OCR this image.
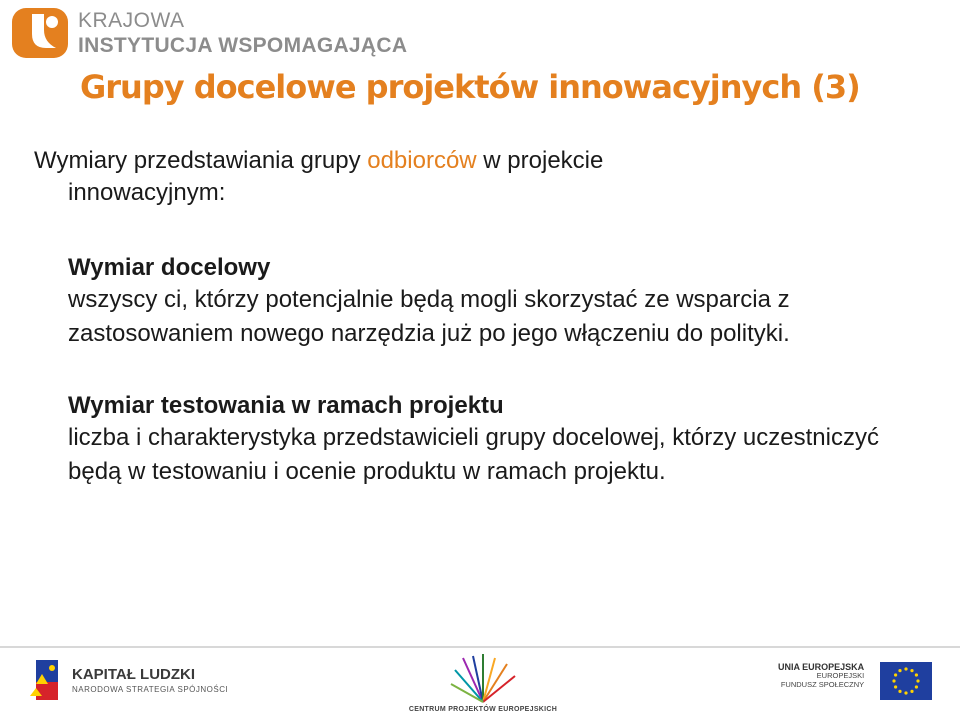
KRAJOWA
INSTYTUCJA WSPOMAGAJĄCA
Grupy docelowe projektów innowacyjnych (3)

Wymiary przedstawiania grupy odbiorców w projekcie
innowacyjnym:

Wymiar docelowy

wszyscy ci, którzy potencjalnie będą mogli skorzystać ze wsparcia z zastosowaniem nowego narzędzia już po jego włączeniu do polityki.

Wymiar testowania w ramach projektu

liczba i charakterystyka przedstawicieli grupy docelowej, którzy uczestniczyć będą w testowaniu i ocenie produktu w ramach projektu.

KAPITAŁ LUDZKI
NARODOWA STRATEGIA SPÓJNOŚCI
CENTRUM PROJEKTÓW EUROPEJSKICH
UNIA EUROPEJSKA
EUROPEJSKI
FUNDUSZ SPOŁECZNY
